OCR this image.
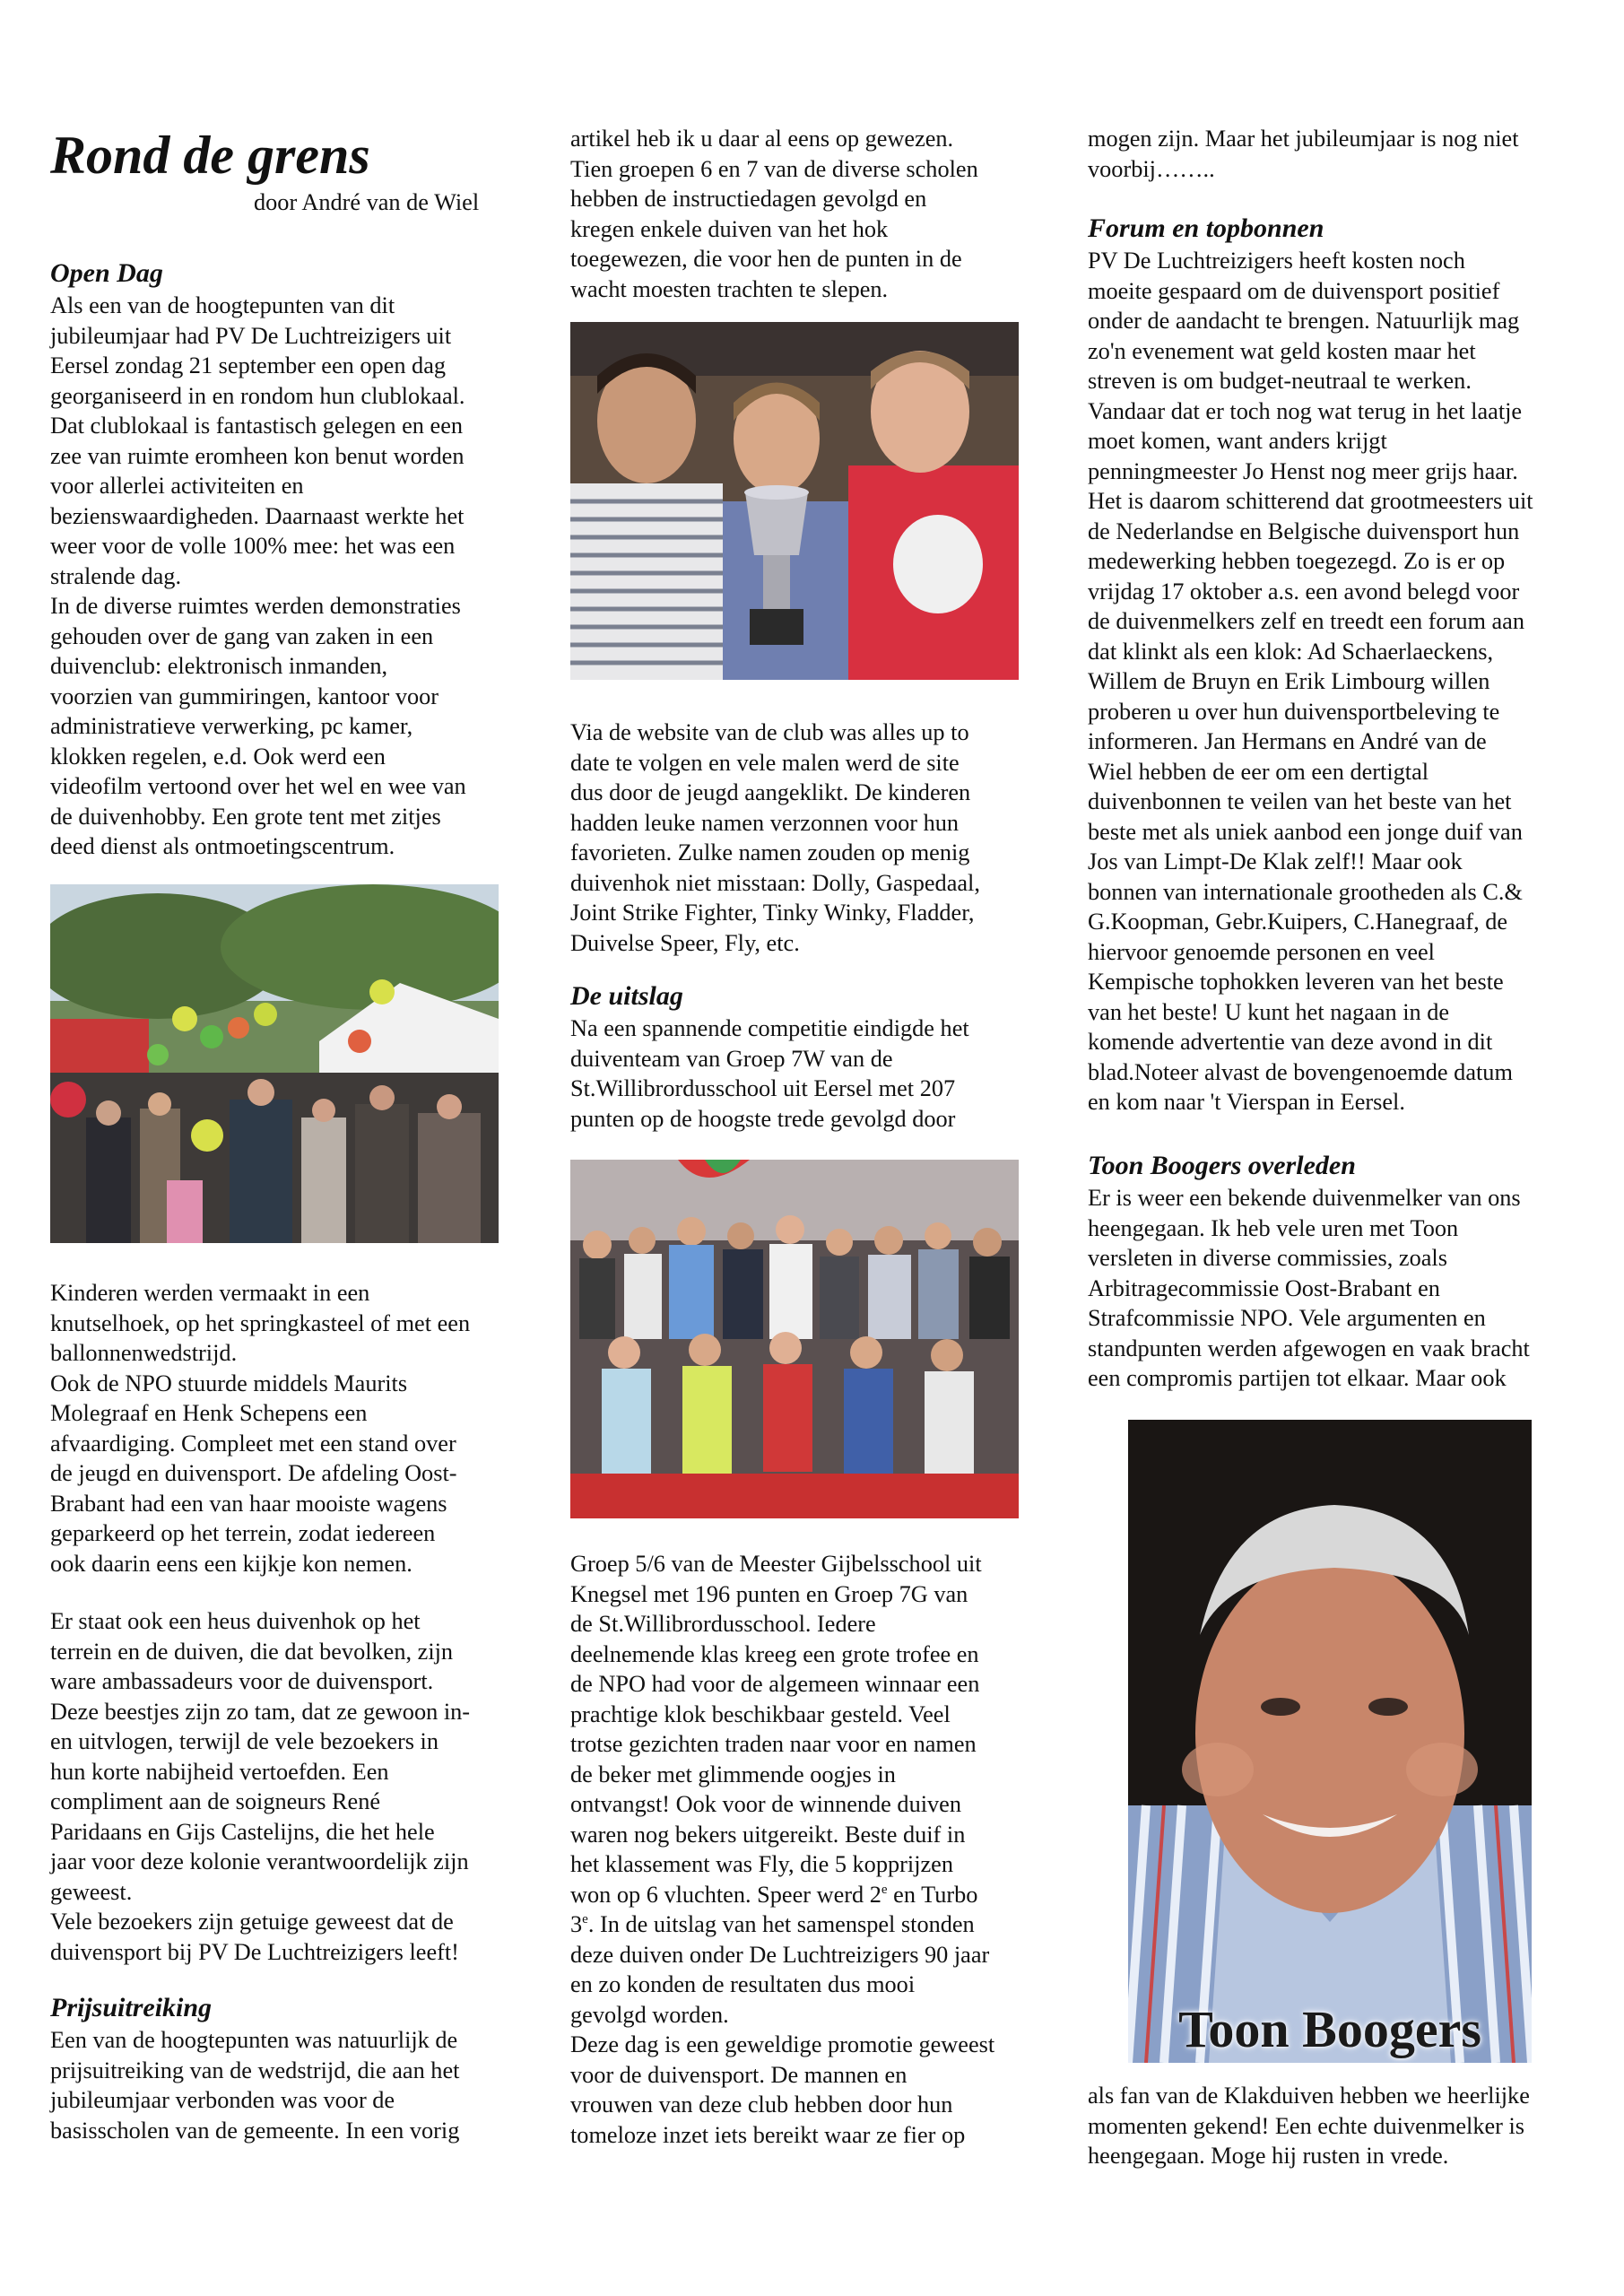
Rond de grens
door André van de Wiel

Open Dag

Als een van de hoogtepunten van dit
jubileumjaar had PV De Luchtreizigers uit
Eersel zondag 21 september een open dag
georganiseerd in en rondom hun clublokaal.
Dat clublokaal is fantastisch gelegen en een
zee van ruimte eromheen kon benut worden
voor allerlei activiteiten en
bezienswaardigheden. Daarnaast werkte het
weer voor de volle 100% mee: het was een
stralende dag.
In de diverse ruimtes werden demonstraties
gehouden over de gang van zaken in een
duivenclub: elektronisch inmanden,
voorzien van gummiringen, kantoor voor
administratieve verwerking, pc kamer,
klokken regelen, e.d. Ook werd een
videofilm vertoond over het wel en wee van
de duivenhobby. Een grote tent met zitjes
deed dienst als ontmoetingscentrum.

Kinderen werden vermaakt in een
knutselhoek, op het springkasteel of met een
ballonnenwedstrijd.
Ook de NPO stuurde middels Maurits
Molegraaf en Henk Schepens een
afvaardiging. Compleet met een stand over
de jeugd en duivensport. De afdeling Oost-
Brabant had een van haar mooiste wagens
geparkeerd op het terrein, zodat iedereen
ook daarin eens een kijkje kon nemen.

Er staat ook een heus duivenhok op het
terrein en de duiven, die dat bevolken, zijn
ware ambassadeurs voor de duivensport.
Deze beestjes zijn zo tam, dat ze gewoon in-
en uitvlogen, terwijl de vele bezoekers in
hun korte nabijheid vertoefden. Een
compliment aan de soigneurs René
Paridaans en Gijs Castelijns, die het hele
jaar voor deze kolonie verantwoordelijk zijn
geweest.
Vele bezoekers zijn getuige geweest dat de
duivensport bij PV De Luchtreizigers leeft!

Prijsuitreiking

Een van de hoogtepunten was natuurlijk de
prijsuitreiking van de wedstrijd, die aan het
jubileumjaar verbonden was voor de
basisscholen van de gemeente. In een vorig

artikel heb ik u daar al eens op gewezen.
Tien groepen 6 en 7 van de diverse scholen
hebben de instructiedagen gevolgd en
kregen enkele duiven van het hok
toegewezen, die voor hen de punten in de
wacht moesten trachten te slepen.

Via de website van de club was alles up to
date te volgen en vele malen werd de site
dus door de jeugd aangeklikt. De kinderen
hadden leuke namen verzonnen voor hun
favorieten. Zulke namen zouden op menig
duivenhok niet misstaan: Dolly, Gaspedaal,
Joint Strike Fighter, Tinky Winky, Fladder,
Duivelse Speer, Fly, etc.

De uitslag

Na een spannende competitie eindigde het
duiventeam van Groep 7W van de
St.Willibrordusschool uit Eersel met 207
punten op de hoogste trede gevolgd door

Groep 5/6 van de Meester Gijbelsschool uit
Knegsel met 196 punten en Groep 7G van
de St.Willibrordusschool. Iedere
deelnemende klas kreeg een grote trofee en
de NPO had voor de algemeen winnaar een
prachtige klok beschikbaar gesteld. Veel
trotse gezichten traden naar voor en namen
de beker met glimmende oogjes in
ontvangst! Ook voor de winnende duiven
waren nog bekers uitgereikt. Beste duif in
het klassement was Fly, die 5 kopprijzen
won op 6 vluchten. Speer werd 2e en Turbo
3e. In de uitslag van het samenspel stonden
deze duiven onder De Luchtreizigers 90 jaar
en zo konden de resultaten dus mooi
gevolgd worden.
Deze dag is een geweldige promotie geweest
voor de duivensport. De mannen en
vrouwen van deze club hebben door hun
tomeloze inzet iets bereikt waar ze fier op

mogen zijn. Maar het jubileumjaar is nog niet
voorbij……..

Forum en topbonnen

PV De Luchtreizigers heeft kosten noch
moeite gespaard om de duivensport positief
onder de aandacht te brengen. Natuurlijk mag
zo'n evenement wat geld kosten maar het
streven is om budget-neutraal te werken.
Vandaar dat er toch nog wat terug in het laatje
moet komen, want anders krijgt
penningmeester Jo Henst nog meer grijs haar.
Het is daarom schitterend dat grootmeesters uit
de Nederlandse en Belgische duivensport hun
medewerking hebben toegezegd. Zo is er op
vrijdag 17 oktober a.s. een avond belegd voor
de duivenmelkers zelf en treedt een forum aan
dat klinkt als een klok: Ad Schaerlaeckens,
Willem de Bruyn en Erik Limbourg willen
proberen u over hun duivensportbeleving te
informeren. Jan Hermans en André van de
Wiel hebben de eer om een dertigtal
duivenbonnen te veilen van het beste van het
beste met als uniek aanbod een jonge duif van
Jos van Limpt-De Klak zelf!! Maar ook
bonnen van internationale grootheden als C.&
G.Koopman, Gebr.Kuipers, C.Hanegraaf, de
hiervoor genoemde personen en veel
Kempische tophokken leveren van het beste
van het beste! U kunt het nagaan in de
komende advertentie van deze avond in dit
blad.Noteer alvast de bovengenoemde datum
en kom naar 't Vierspan in Eersel.

Toon Boogers overleden

Er is weer een bekende duivenmelker van ons
heengegaan. Ik heb vele uren met Toon
versleten in diverse commissies, zoals
Arbitragecommissie Oost-Brabant en
Strafcommissie NPO. Vele argumenten en
standpunten werden afgewogen en vaak bracht
een compromis partijen tot elkaar. Maar ook

Toon Boogers

als fan van de Klakduiven hebben we heerlijke
momenten gekend! Een echte duivenmelker is
heengegaan. Moge hij rusten in vrede.
